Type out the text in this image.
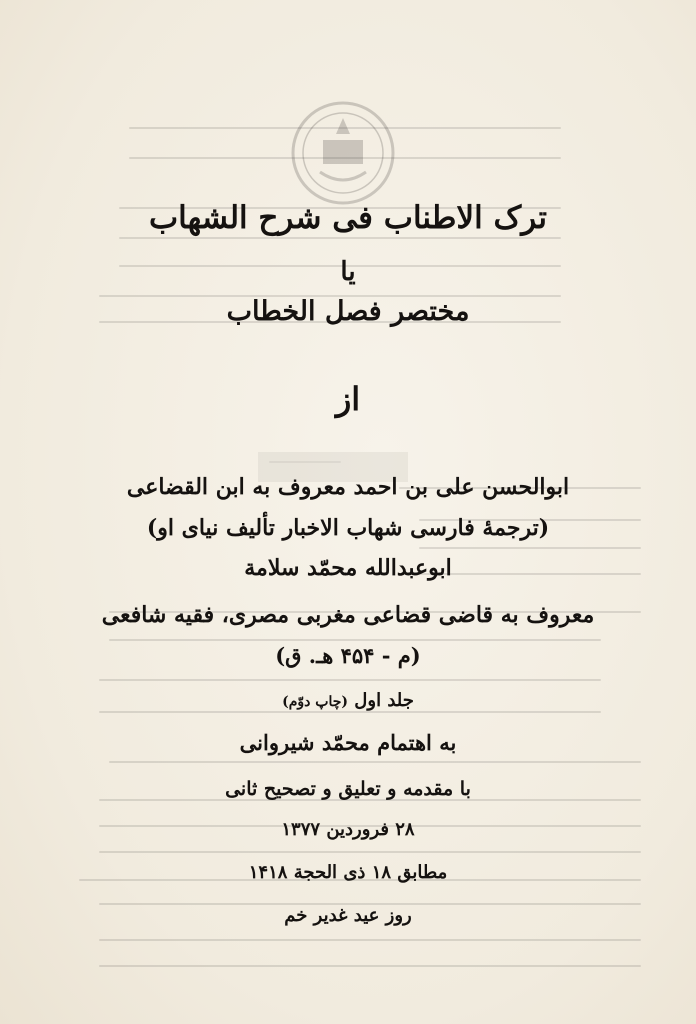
ترک الاطناب فی شرح الشهاب
یا
مختصر فصل الخطاب
از
ابوالحسن علی بن احمد معروف به ابن القضاعی
(ترجمهٔ فارسی شهاب الاخبار تألیف نیای او)
ابوعبدالله محمّد سلامة
معروف به قاضی قضاعی مغربی مصری، فقیه شافعی
(م - ۴۵۴ هـ. ق)
جلد اول (چاپ دوّم)
به اهتمام محمّد شیروانی
با مقدمه و تعلیق و تصحیح ثانی
۲۸ فروردین ۱۳۷۷
مطابق ۱۸ ذی الحجة ۱۴۱۸
روز عید غدیر خم
